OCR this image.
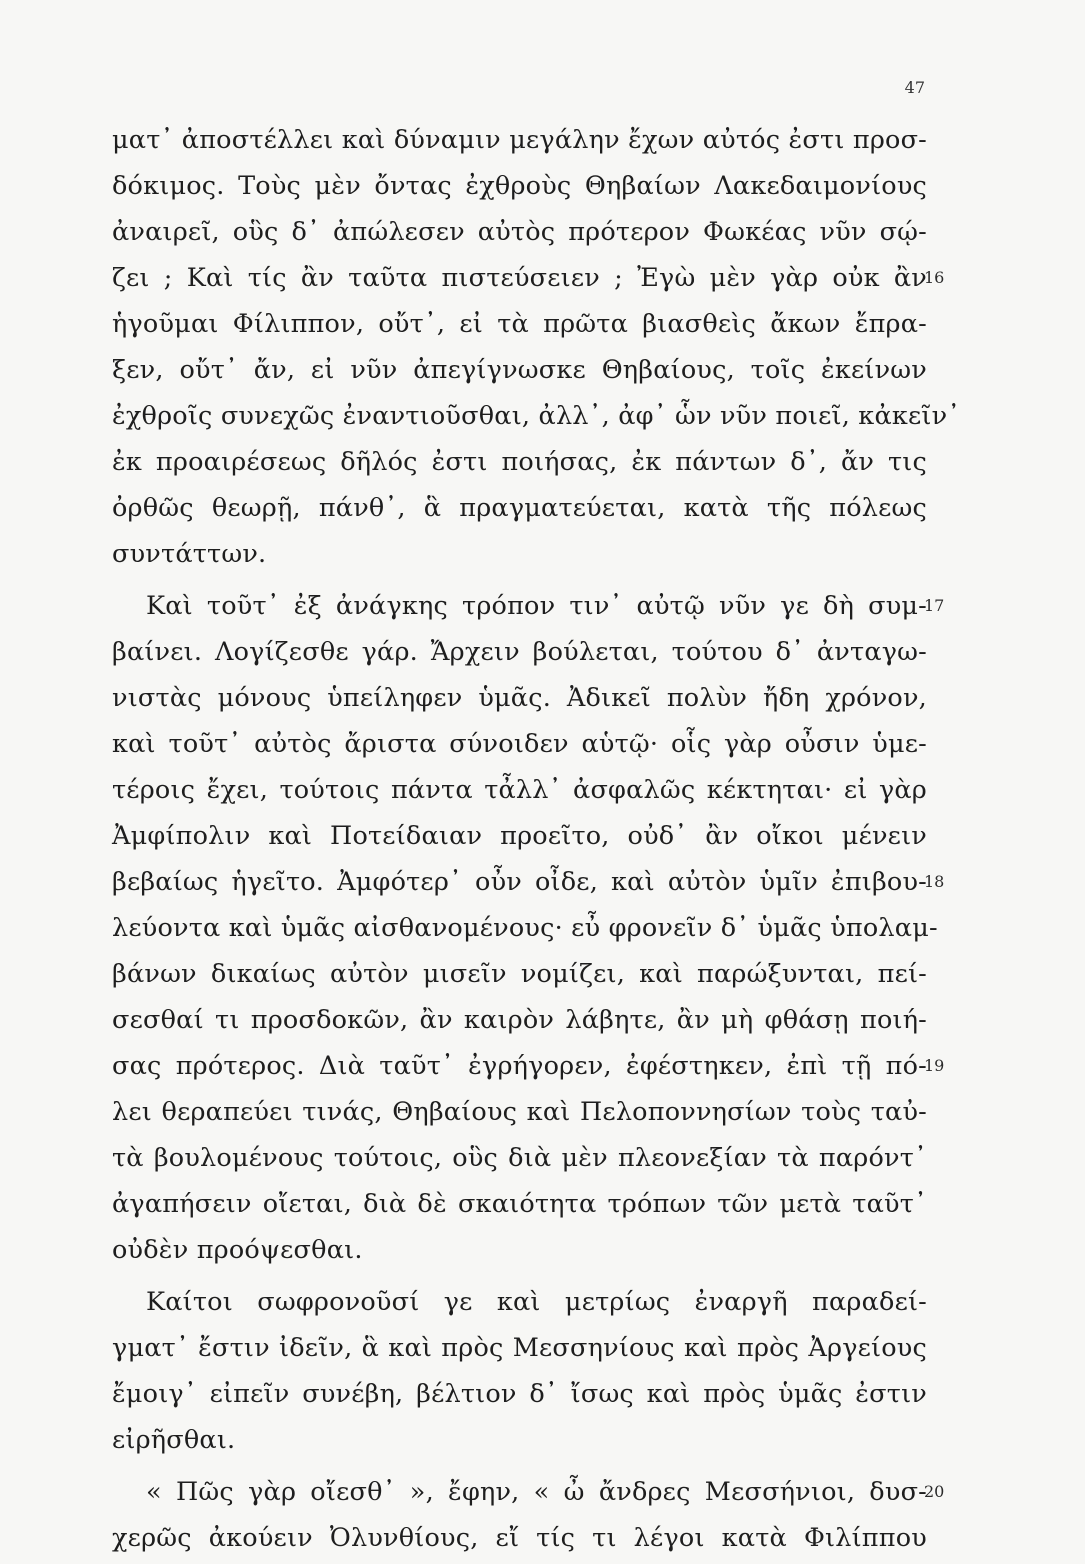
47
ματ᾿ ἀποστέλλει καὶ δύναμιν μεγάλην ἔχων αὐτός ἐστι προσ-
δόκιμος. Τοὺς μὲν ὄντας ἐχθροὺς Θηβαίων Λακεδαιμονίους
ἀναιρεῖ, οὓς δ᾿ ἀπώλεσεν αὐτὸς πρότερον Φωκέας νῦν σῴ-
ζει ; Καὶ τίς ἂν ταῦτα πιστεύσειεν ; Ἐγὼ μὲν γὰρ οὐκ ἂν
ἡγοῦμαι Φίλιππον, οὔτ᾿, εἰ τὰ πρῶτα βιασθεὶς ἄκων ἔπρα-
ξεν, οὔτ᾿ ἄν, εἰ νῦν ἀπεγίγνωσκε Θηβαίους, τοῖς ἐκείνων
ἐχθροῖς συνεχῶς ἐναντιοῦσθαι, ἀλλ᾿, ἀφ᾿ ὧν νῦν ποιεῖ, κἀκεῖν᾿
ἐκ προαιρέσεως δῆλός ἐστι ποιήσας, ἐκ πάντων δ᾿, ἄν τις
ὀρθῶς θεωρῇ, πάνθ᾿, ἃ πραγματεύεται, κατὰ τῆς πόλεως
συντάττων.
Καὶ τοῦτ᾿ ἐξ ἀνάγκης τρόπον τιν᾿ αὐτῷ νῦν γε δὴ συμ-
βαίνει. Λογίζεσθε γάρ. Ἄρχειν βούλεται, τούτου δ᾿ ἀνταγω-
νιστὰς μόνους ὑπείληφεν ὑμᾶς. Ἀδικεῖ πολὺν ἤδη χρόνον,
καὶ τοῦτ᾿ αὐτὸς ἄριστα σύνοιδεν αὑτῷ· οἷς γὰρ οὖσιν ὑμε-
τέροις ἔχει, τούτοις πάντα τἆλλ᾿ ἀσφαλῶς κέκτηται· εἰ γὰρ
Ἀμφίπολιν καὶ Ποτείδαιαν προεῖτο, οὐδ᾿ ἂν οἴκοι μένειν
βεβαίως ἡγεῖτο. Ἀμφότερ᾿ οὖν οἶδε, καὶ αὐτὸν ὑμῖν ἐπιβου-
λεύοντα καὶ ὑμᾶς αἰσθανομένους· εὖ φρονεῖν δ᾿ ὑμᾶς ὑπολαμ-
βάνων δικαίως αὐτὸν μισεῖν νομίζει, καὶ παρώξυνται, πεί-
σεσθαί τι προσδοκῶν, ἂν καιρὸν λάβητε, ἂν μὴ φθάσῃ ποιή-
σας πρότερος. Διὰ ταῦτ᾿ ἐγρήγορεν, ἐφέστηκεν, ἐπὶ τῇ πό-
λει θεραπεύει τινάς, Θηβαίους καὶ Πελοποννησίων τοὺς ταὐ-
τὰ βουλομένους τούτοις, οὓς διὰ μὲν πλεονεξίαν τὰ παρόντ᾿
ἀγαπήσειν οἴεται, διὰ δὲ σκαιότητα τρόπων τῶν μετὰ ταῦτ᾿
οὐδὲν προόψεσθαι.
Καίτοι σωφρονοῦσί γε καὶ μετρίως ἐναργῆ παραδεί-
γματ᾿ ἔστιν ἰδεῖν, ἃ καὶ πρὸς Μεσσηνίους καὶ πρὸς Ἀργείους
ἔμοιγ᾿ εἰπεῖν συνέβη, βέλτιον δ᾿ ἴσως καὶ πρὸς ὑμᾶς ἐστιν
εἰρῆσθαι.
« Πῶς γὰρ οἴεσθ᾿ », ἔφην, « ὦ ἄνδρες Μεσσήνιοι, δυσ-
χερῶς ἀκούειν Ὀλυνθίους, εἴ τίς τι λέγοι κατὰ Φιλίππου
16
17
18
19
20
